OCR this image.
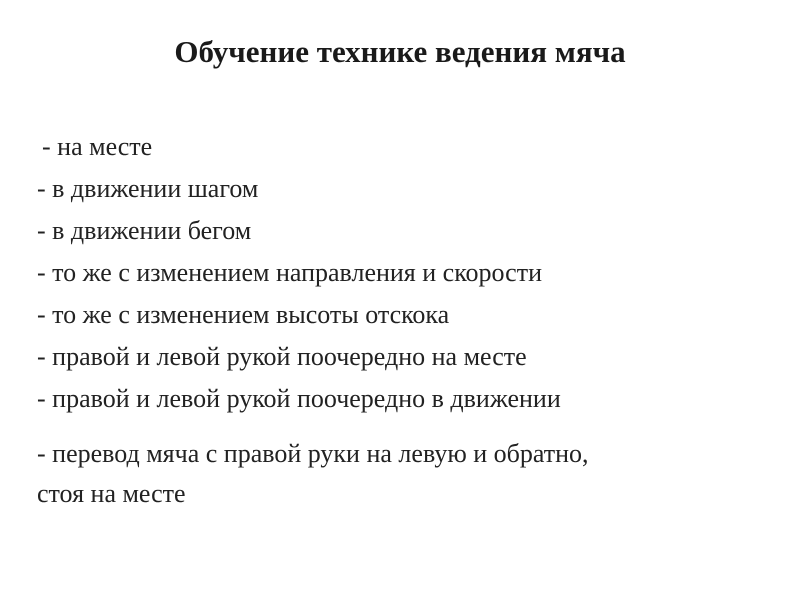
Обучение технике ведения мяча
- на месте
- в движении шагом
- в движении бегом
- то же с изменением направления и скорости
- то же с изменением высоты отскока
- правой и левой рукой поочередно на месте
- правой и левой рукой поочередно в движении
- перевод мяча с правой руки на левую и обратно,
стоя на месте
